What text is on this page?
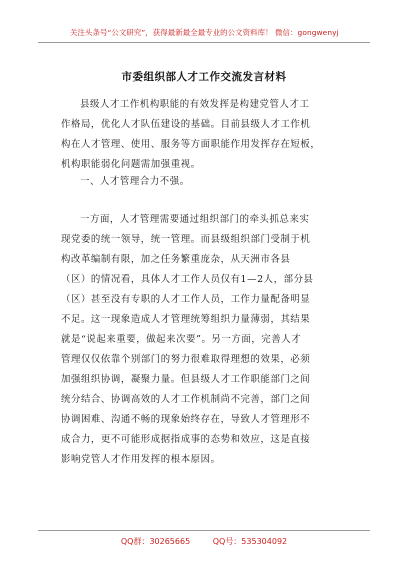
关注头条号“公文研究”，获得最新最全最专业的公文资料库！ 微信：gongwenyj
市委组织部人才工作交流发言材料
县级人才工作机构职能的有效发挥是构建党管人才工
作格局，优化人才队伍建设的基础。目前县级人才工作机
构在人才管理、使用、服务等方面职能作用发挥存在短板，
机构职能弱化问题需加强重视。
一、人才管理合力不强。
一方面，人才管理需要通过组织部门的牵头抓总来实
现党委的统一领导，统一管理。而县级组织部门受制于机
构改革编制有限，加之任务繁重庞杂，从天洲市各县
（区）的情况看，具体人才工作人员仅有1—2人，部分县
（区）甚至没有专职的人才工作人员，工作力量配备明显
不足。这一现象造成人才管理统筹组织力量薄弱，其结果
就是“说起来重要，做起来次要”。另一方面，完善人才
管理仅仅依靠个别部门的努力很难取得理想的效果，必须
加强组织协调，凝聚力量。但县级人才工作职能部门之间
统分结合、协调高效的人才工作机制尚不完善，部门之间
协调困难、沟通不畅的现象始终存在，导致人才管理形不
成合力，更不可能形成据指成事的态势和效应，这是直接
影响党管人才作用发挥的根本原因。
QQ群：30265665	QQ号：535304092
